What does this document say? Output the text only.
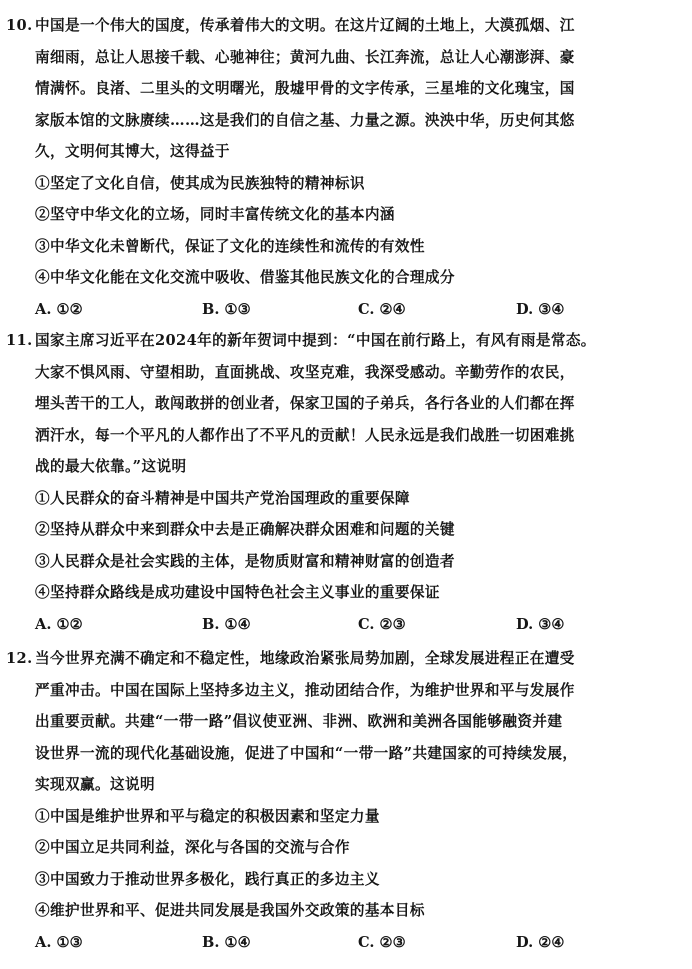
10. 中国是一个伟大的国度，传承着伟大的文明。在这片辽阔的土地上，大漠孤烟、江
南细雨，总让人思接千载、心驰神往；黄河九曲、长江奔流，总让人心潮澎湃、豪
情满怀。良渚、二里头的文明曙光，殷墟甲骨的文字传承，三星堆的文化瑰宝，国
家版本馆的文脉赓续……这是我们的自信之基、力量之源。泱泱中华，历史何其悠
久，文明何其博大，这得益于
①坚定了文化自信，使其成为民族独特的精神标识
②坚守中华文化的立场，同时丰富传统文化的基本内涵
③中华文化未曾断代，保证了文化的连续性和流传的有效性
④中华文化能在文化交流中吸收、借鉴其他民族文化的合理成分
A. ①②	B. ①③	C. ②④	D. ③④
11. 国家主席习近平在2024年的新年贺词中提到：“中国在前行路上，有风有雨是常态。
大家不惧风雨、守望相助，直面挑战、攻坚克难，我深受感动。辛勤劳作的农民，
埋头苦干的工人，敢闯敢拼的创业者，保家卫国的子弟兵，各行各业的人们都在挥
洒汗水，每一个平凡的人都作出了不平凡的贡献！人民永远是我们战胜一切困难挑
战的最大依靠。”这说明
①人民群众的奋斗精神是中国共产党治国理政的重要保障
②坚持从群众中来到群众中去是正确解决群众困难和问题的关键
③人民群众是社会实践的主体，是物质财富和精神财富的创造者
④坚持群众路线是成功建设中国特色社会主义事业的重要保证
A. ①②	B. ①④	C. ②③	D. ③④
12. 当今世界充满不确定和不稳定性，地缘政治紧张局势加剧，全球发展进程正在遭受
严重冲击。中国在国际上坚持多边主义，推动团结合作，为维护世界和平与发展作
出重要贡献。共建“一带一路”倡议使亚洲、非洲、欧洲和美洲各国能够融资并建
设世界一流的现代化基础设施，促进了中国和“一带一路”共建国家的可持续发展，
实现双赢。这说明
①中国是维护世界和平与稳定的积极因素和坚定力量
②中国立足共同利益，深化与各国的交流与合作
③中国致力于推动世界多极化，践行真正的多边主义
④维护世界和平、促进共同发展是我国外交政策的基本目标
A. ①③	B. ①④	C. ②③	D. ②④
